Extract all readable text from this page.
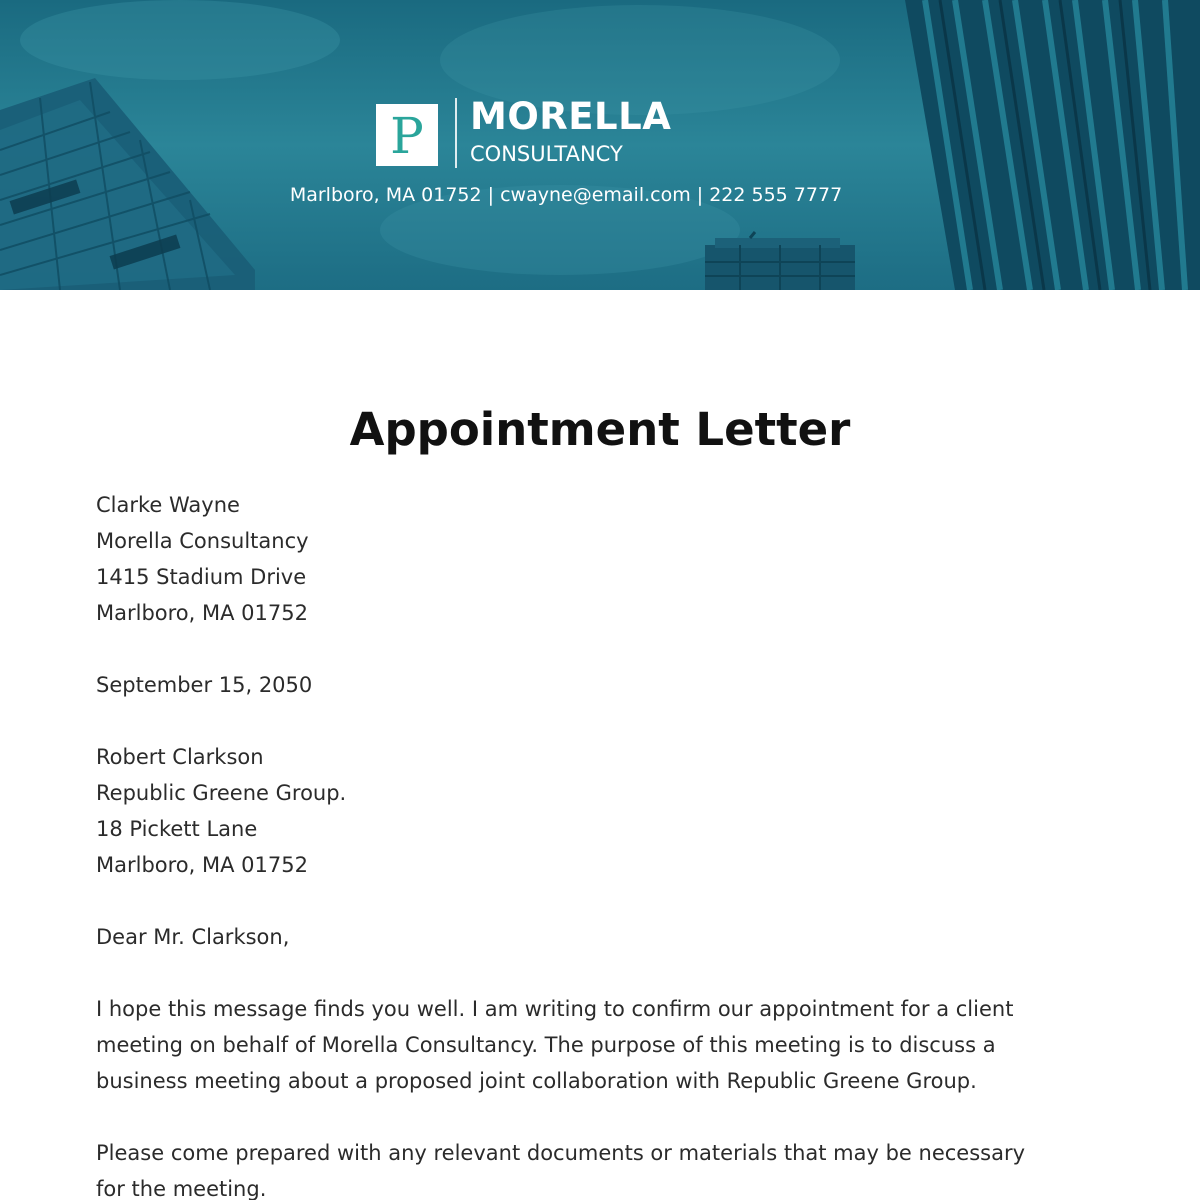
P MORELLA
CONSULTANCY
Marlboro, MA 01752 | cwayne@email.com | 222 555 7777
Appointment Letter
Clarke Wayne
Morella Consultancy
1415 Stadium Drive
Marlboro, MA 01752
September 15, 2050
Robert Clarkson
Republic Greene Group.
18 Pickett Lane
Marlboro, MA 01752
Dear Mr. Clarkson,

I hope this message finds you well. I am writing to confirm our appointment for a client
meeting on behalf of Morella Consultancy. The purpose of this meeting is to discuss a
business meeting about a proposed joint collaboration with Republic Greene Group.

Please come prepared with any relevant documents or materials that may be necessary
for the meeting.
